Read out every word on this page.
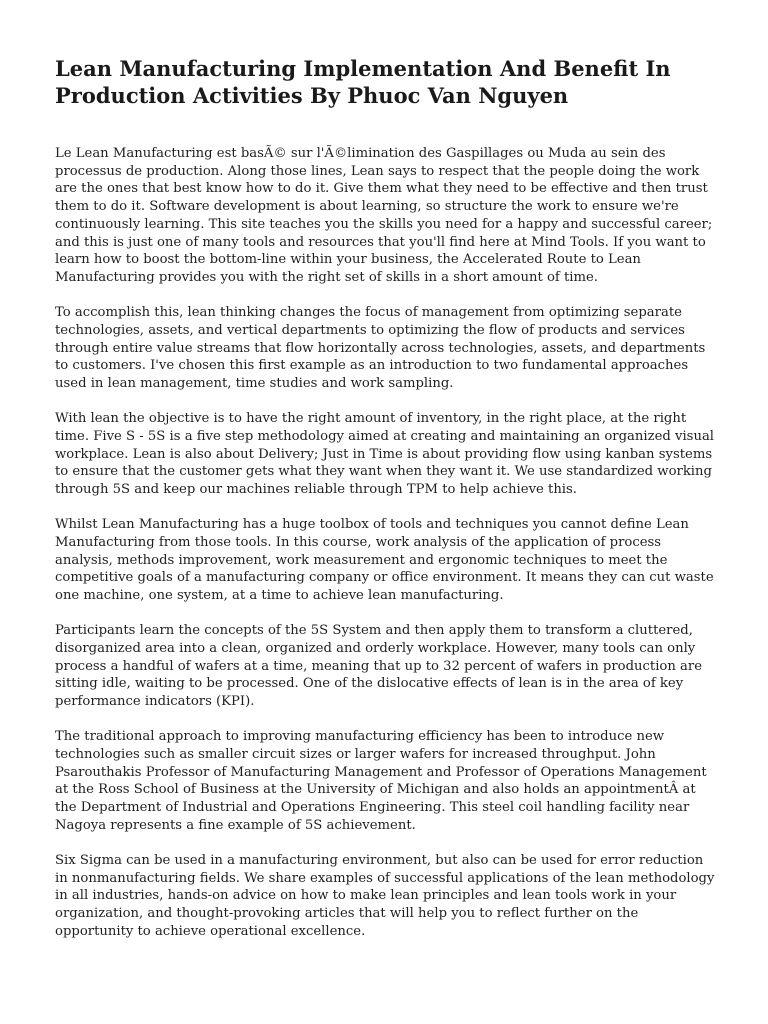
Lean Manufacturing Implementation And Benefit In Production Activities By Phuoc Van Nguyen

Le Lean Manufacturing est basÃ© sur l'Ã©limination des Gaspillages ou Muda au sein des processus de production. Along those lines, Lean says to respect that the people doing the work are the ones that best know how to do it. Give them what they need to be effective and then trust them to do it. Software development is about learning, so structure the work to ensure we're continuously learning. This site teaches you the skills you need for a happy and successful career; and this is just one of many tools and resources that you'll find here at Mind Tools. If you want to learn how to boost the bottom-line within your business, the Accelerated Route to Lean Manufacturing provides you with the right set of skills in a short amount of time.

To accomplish this, lean thinking changes the focus of management from optimizing separate technologies, assets, and vertical departments to optimizing the flow of products and services through entire value streams that flow horizontally across technologies, assets, and departments to customers. I've chosen this first example as an introduction to two fundamental approaches used in lean management, time studies and work sampling.

With lean the objective is to have the right amount of inventory, in the right place, at the right time. Five S - 5S is a five step methodology aimed at creating and maintaining an organized visual workplace. Lean is also about Delivery; Just in Time is about providing flow using kanban systems to ensure that the customer gets what they want when they want it. We use standardized working through 5S and keep our machines reliable through TPM to help achieve this.

Whilst Lean Manufacturing has a huge toolbox of tools and techniques you cannot define Lean Manufacturing from those tools. In this course, work analysis of the application of process analysis, methods improvement, work measurement and ergonomic techniques to meet the competitive goals of a manufacturing company or office environment. It means they can cut waste one machine, one system, at a time to achieve lean manufacturing.

Participants learn the concepts of the 5S System and then apply them to transform a cluttered, disorganized area into a clean, organized and orderly workplace. However, many tools can only process a handful of wafers at a time, meaning that up to 32 percent of wafers in production are sitting idle, waiting to be processed. One of the dislocative effects of lean is in the area of key performance indicators (KPI).

The traditional approach to improving manufacturing efficiency has been to introduce new technologies such as smaller circuit sizes or larger wafers for increased throughput. John Psarouthakis Professor of Manufacturing Management and Professor of Operations Management at the Ross School of Business at the University of Michigan and also holds an appointmentÂ at the Department of Industrial and Operations Engineering. This steel coil handling facility near Nagoya represents a fine example of 5S achievement.

Six Sigma can be used in a manufacturing environment, but also can be used for error reduction in nonmanufacturing fields. We share examples of successful applications of the lean methodology in all industries, hands-on advice on how to make lean principles and lean tools work in your organization, and thought-provoking articles that will help you to reflect further on the opportunity to achieve operational excellence.
